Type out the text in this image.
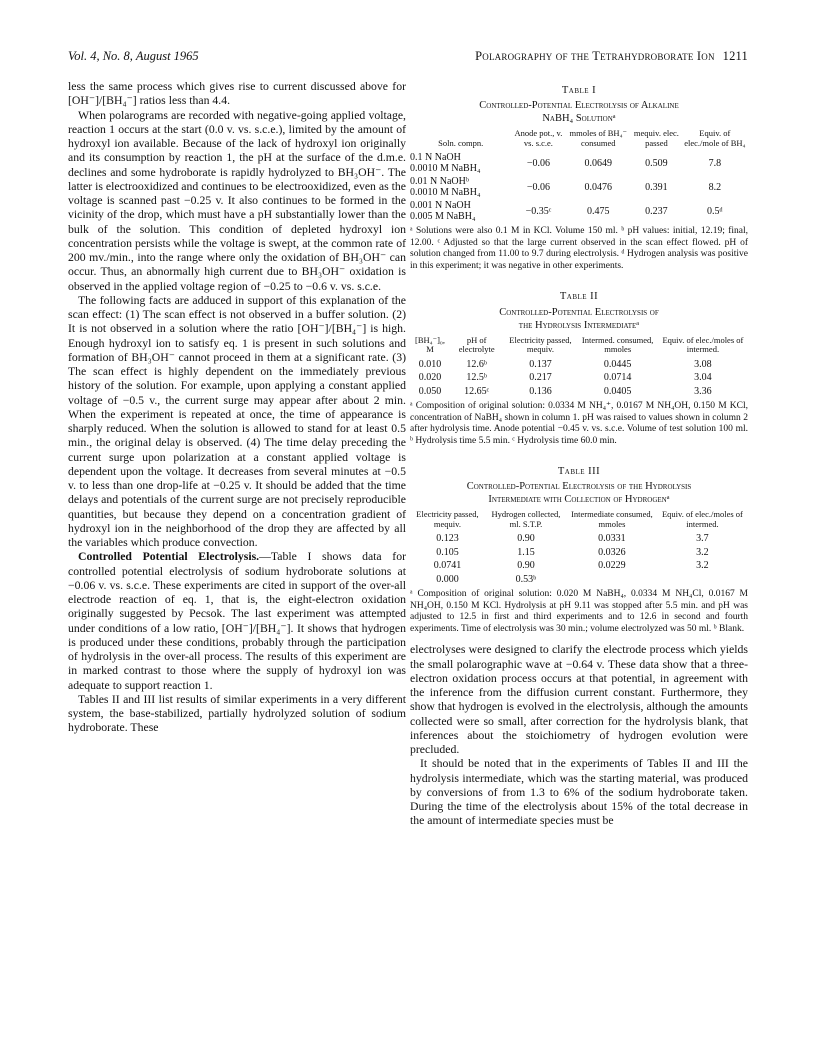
Vol. 4, No. 8, August 1965	Polarography of the Tetrahydroborate Ion 1211

less the same process which gives rise to current discussed above for [OH⁻]/[BH₄⁻] ratios less than 4.4.

When polarograms are recorded with negative-going applied voltage, reaction 1 occurs at the start (0.0 v. vs. s.c.e.), limited by the amount of hydroxyl ion available. Because of the lack of hydroxyl ion originally and its consumption by reaction 1, the pH at the surface of the d.m.e. declines and some hydroborate is rapidly hydrolyzed to BH₃OH⁻. The latter is electrooxidized and continues to be electrooxidized, even as the voltage is scanned past −0.25 v. It also continues to be formed in the vicinity of the drop, which must have a pH substantially lower than the bulk of the solution. This condition of depleted hydroxyl ion concentration persists while the voltage is swept, at the common rate of 200 mv./min., into the range where only the oxidation of BH₃OH⁻ can occur. Thus, an abnormally high current due to BH₃OH⁻ oxidation is observed in the applied voltage region of −0.25 to −0.6 v. vs. s.c.e.

The following facts are adduced in support of this explanation of the scan effect: (1) The scan effect is not observed in a buffer solution. (2) It is not observed in a solution where the ratio [OH⁻]/[BH₄⁻] is high. Enough hydroxyl ion to satisfy eq. 1 is present in such solutions and formation of BH₃OH⁻ cannot proceed in them at a significant rate. (3) The scan effect is highly dependent on the immediately previous history of the solution. For example, upon applying a constant applied voltage of −0.5 v., the current surge may appear after about 2 min. When the experiment is repeated at once, the time of appearance is sharply reduced. When the solution is allowed to stand for at least 0.5 min., the original delay is observed. (4) The time delay preceding the current surge upon polarization at a constant applied voltage is dependent upon the voltage. It decreases from several minutes at −0.5 v. to less than one drop-life at −0.25 v. It should be added that the time delays and potentials of the current surge are not precisely reproducible quantities, but because they depend on a concentration gradient of hydroxyl ion in the neighborhood of the drop they are affected by all the variables which produce convection.

Controlled Potential Electrolysis.—Table I shows data for controlled potential electrolysis of sodium hydroborate solutions at −0.06 v. vs. s.c.e. These experiments are cited in support of the over-all electrode reaction of eq. 1, that is, the eight-electron oxidation originally suggested by Pecsok. The last experiment was attempted under conditions of a low ratio, [OH⁻]/[BH₄⁻]. It shows that hydrogen is produced under these conditions, probably through the participation of hydrolysis in the over-all process. The results of this experiment are in marked contrast to those where the supply of hydroxyl ion was adequate to support reaction 1.

Tables II and III list results of similar experiments in a very different system, the base-stabilized, partially hydrolyzed solution of sodium hydroborate. These

Table I
Controlled-Potential Electrolysis of Alkaline
NaBH₄ Solutionᵃ
Soln. compn.	Anode pot., v. vs. s.c.e.	mmoles of BH₄⁻ consumed	mequiv. elec. passed	Equiv. of elec./mole of BH₄
0.1 N NaOH
0.0010 M NaBH₄	−0.06	0.0649	0.509	7.8
0.01 N NaOHᵇ
0.0010 M NaBH₄	−0.06	0.0476	0.391	8.2
0.001 N NaOH
0.005 M NaBH₄	−0.35ᶜ	0.475	0.237	0.5ᵈ
ᵃ Solutions were also 0.1 M in KCl. Volume 150 ml. ᵇ pH values: initial, 12.19; final, 12.00. ᶜ Adjusted so that the large current observed in the scan effect flowed. pH of solution changed from 11.00 to 9.7 during electrolysis. ᵈ Hydrogen analysis was positive in this experiment; it was negative in other experiments.
Table II
Controlled-Potential Electrolysis of
the Hydrolysis Intermediateᵃ
[BH₄⁻]₀, M	pH of electrolyte	Electricity passed, mequiv.	Intermed. consumed, mmoles	Equiv. of elec./moles of intermed.
0.010	12.6ᵇ	0.137	0.0445	3.08
0.020	12.5ᵇ	0.217	0.0714	3.04
0.050	12.65ᶜ	0.136	0.0405	3.36
ᵃ Composition of original solution: 0.0334 M NH₄⁺, 0.0167 M NH₄OH, 0.150 M KCl, concentration of NaBH₄ shown in column 1. pH was raised to values shown in column 2 after hydrolysis time. Anode potential −0.45 v. vs. s.c.e. Volume of test solution 100 ml. ᵇ Hydrolysis time 5.5 min. ᶜ Hydrolysis time 60.0 min.
Table III
Controlled-Potential Electrolysis of the Hydrolysis
Intermediate with Collection of Hydrogenᵃ
Electricity passed, mequiv.	Hydrogen collected, ml. S.T.P.	Intermediate consumed, mmoles	Equiv. of elec./moles of intermed.
0.123	0.90	0.0331	3.7
0.105	1.15	0.0326	3.2
0.0741	0.90	0.0229	3.2
0.000	0.53ᵇ		
ᵃ Composition of original solution: 0.020 M NaBH₄, 0.0334 M NH₄Cl, 0.0167 M NH₄OH, 0.150 M KCl. Hydrolysis at pH 9.11 was stopped after 5.5 min. and pH was adjusted to 12.5 in first and third experiments and to 12.6 in second and fourth experiments. Time of electrolysis was 30 min.; volume electrolyzed was 50 ml. ᵇ Blank.

electrolyses were designed to clarify the electrode process which yields the small polarographic wave at −0.64 v. These data show that a three-electron oxidation process occurs at that potential, in agreement with the inference from the diffusion current constant. Furthermore, they show that hydrogen is evolved in the electrolysis, although the amounts collected were so small, after correction for the hydrolysis blank, that inferences about the stoichiometry of hydrogen evolution were precluded.

It should be noted that in the experiments of Tables II and III the hydrolysis intermediate, which was the starting material, was produced by conversions of from 1.3 to 6% of the sodium hydroborate taken. During the time of the electrolysis about 15% of the total decrease in the amount of intermediate species must be
